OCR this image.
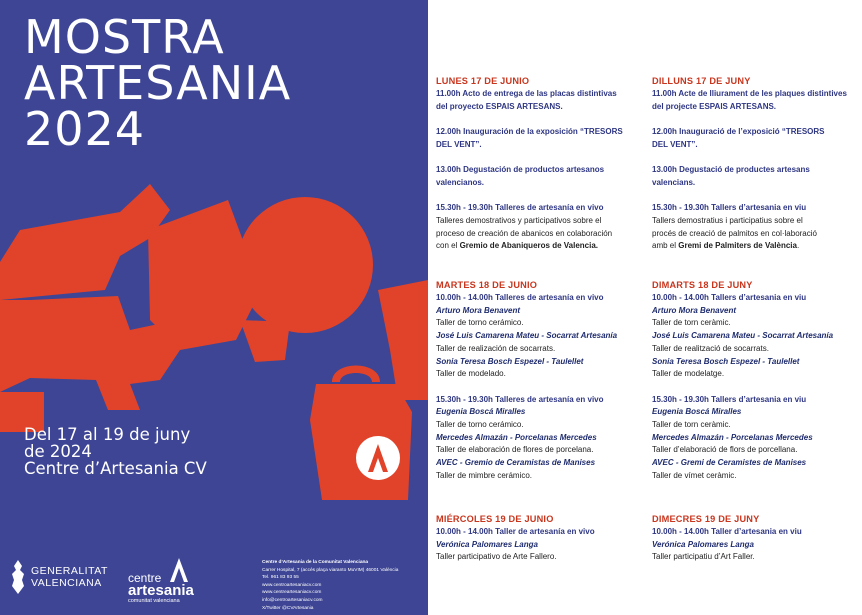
MOSTRA
ARTESANIA
2024
Del 17 al 19 de juny
de 2024
Centre d’Artesania CV
GENERALITAT
VALENCIANA	centre
artesania
comunitat valenciana
Centre d’Artesania de la Comunitat Valenciana
Carrer Hospital, 7 (accés plaça viaranto MuVIM) 46001 València
Tel. 961 83 93 55
www.centroartesaniacv.com
www.centreartesaniacv.com
info@centroartesaniacv.com
X/Twitter @CVArtesania
LUNES 17 DE JUNIO

11.00h Acto de entrega de las placas distintivas

del proyecto ESPAIS ARTESANS.

12.00h Inauguración de la exposición “TRESORS

DEL VENT”.

13.00h Degustación de productos artesanos

valencianos.

15.30h - 19.30h Talleres de artesanía en vivo

Talleres demostrativos y participativos sobre el

proceso de creación de abanicos en colaboración

con el Gremio de Abaniqueros de Valencia.

MARTES 18 DE JUNIO

10.00h - 14.00h Talleres de artesanía en vivo

Arturo Mora Benavent

Taller de torno cerámico.

José Luis Camarena Mateu - Socarrat Artesanía

Taller de realización de socarrats.

Sonia Teresa Bosch Espezel - Taulellet

Taller de modelado.

15.30h - 19.30h Talleres de artesanía en vivo

Eugenia Boscá Miralles

Taller de torno cerámico.

Mercedes Almazán - Porcelanas Mercedes

Taller de elaboración de flores de porcelana.

AVEC - Gremio de Ceramistas de Manises

Taller de mimbre cerámico.

MIÉRCOLES 19 DE JUNIO

10.00h - 14.00h Taller de artesanía en vivo

Verónica Palomares Langa

Taller participativo de Arte Fallero.

DILLUNS 17 DE JUNY

11.00h Acte de lliurament de les plaques distintives

del projecte ESPAIS ARTESANS.

12.00h Inauguració de l’exposició “TRESORS

DEL VENT”.

13.00h Degustació de productes artesans

valencians.

15.30h - 19.30h Tallers d’artesania en viu

Tallers demostratius i participatius sobre el

procés de creació de palmitos en col·laboració

amb el Gremi de Palmiters de València.

DIMARTS 18 DE JUNY

10.00h - 14.00h Tallers d’artesania en viu

Arturo Mora Benavent

Taller de torn ceràmic.

José Luis Camarena Mateu - Socarrat Artesanía

Taller de realització de socarrats.

Sonia Teresa Bosch Espezel - Taulellet

Taller de modelatge.

15.30h - 19.30h Tallers d’artesania en viu

Eugenia Boscá Miralles

Taller de torn ceràmic.

Mercedes Almazán - Porcelanas Mercedes

Taller d’elaboració de flors de porcellana.

AVEC - Gremi de Ceramistes de Manises

Taller de vímet ceràmic.

DIMECRES 19 DE JUNY

10.00h - 14.00h Taller d’artesania en viu

Verónica Palomares Langa

Taller participatiu d’Art Faller.
